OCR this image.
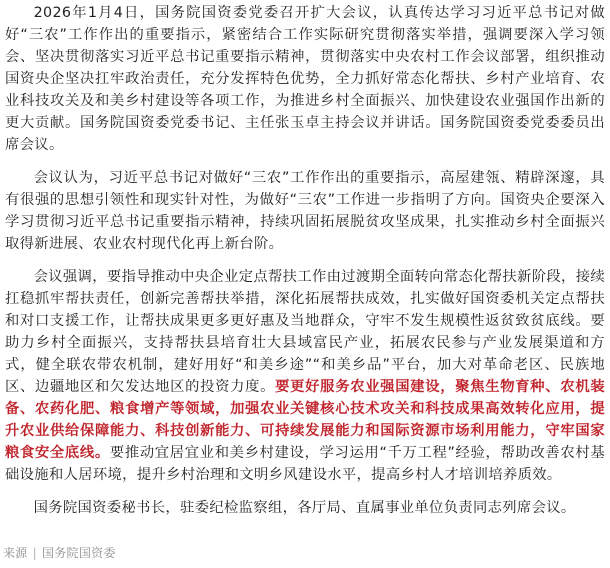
2026年1月4日，国务院国资委党委召开扩大会议，认真传达学习习近平总书记对做好“三农”工作作出的重要指示，紧密结合工作实际研究贯彻落实举措，强调要深入学习领会、坚决贯彻落实习近平总书记重要指示精神，贯彻落实中央农村工作会议部署，组织推动国资央企坚决扛牢政治责任，充分发挥特色优势，全力抓好常态化帮扶、乡村产业培育、农业科技攻关及和美乡村建设等各项工作，为推进乡村全面振兴、加快建设农业强国作出新的更大贡献。国务院国资委党委书记、主任张玉卓主持会议并讲话。国务院国资委党委委员出席会议。

会议认为，习近平总书记对做好“三农”工作作出的重要指示，高屋建瓴、精辟深邃，具有很强的思想引领性和现实针对性，为做好“三农”工作进一步指明了方向。国资央企要深入学习贯彻习近平总书记重要指示精神，持续巩固拓展脱贫攻坚成果，扎实推动乡村全面振兴取得新进展、农业农村现代化再上新台阶。

会议强调，要指导推动中央企业定点帮扶工作由过渡期全面转向常态化帮扶新阶段，接续扛稳抓牢帮扶责任，创新完善帮扶举措，深化拓展帮扶成效，扎实做好国资委机关定点帮扶和对口支援工作，让帮扶成果更多更好惠及当地群众，守牢不发生规模性返贫致贫底线。要助力乡村全面振兴，支持帮扶县培育壮大县域富民产业，拓展农民参与产业发展渠道和方式，健全联农带农机制，建好用好“和美乡途”“和美乡品”平台，加大对革命老区、民族地区、边疆地区和欠发达地区的投资力度。要更好服务农业强国建设，聚焦生物育种、农机装备、农药化肥、粮食增产等领域，加强农业关键核心技术攻关和科技成果高效转化应用，提升农业供给保障能力、科技创新能力、可持续发展能力和国际资源市场利用能力，守牢国家粮食安全底线。要推动宜居宜业和美乡村建设，学习运用“千万工程”经验，帮助改善农村基础设施和人居环境，提升乡村治理和文明乡风建设水平，提高乡村人才培训培养质效。

国务院国资委秘书长，驻委纪检监察组，各厅局、直属事业单位负责同志列席会议。

来源 | 国务院国资委
